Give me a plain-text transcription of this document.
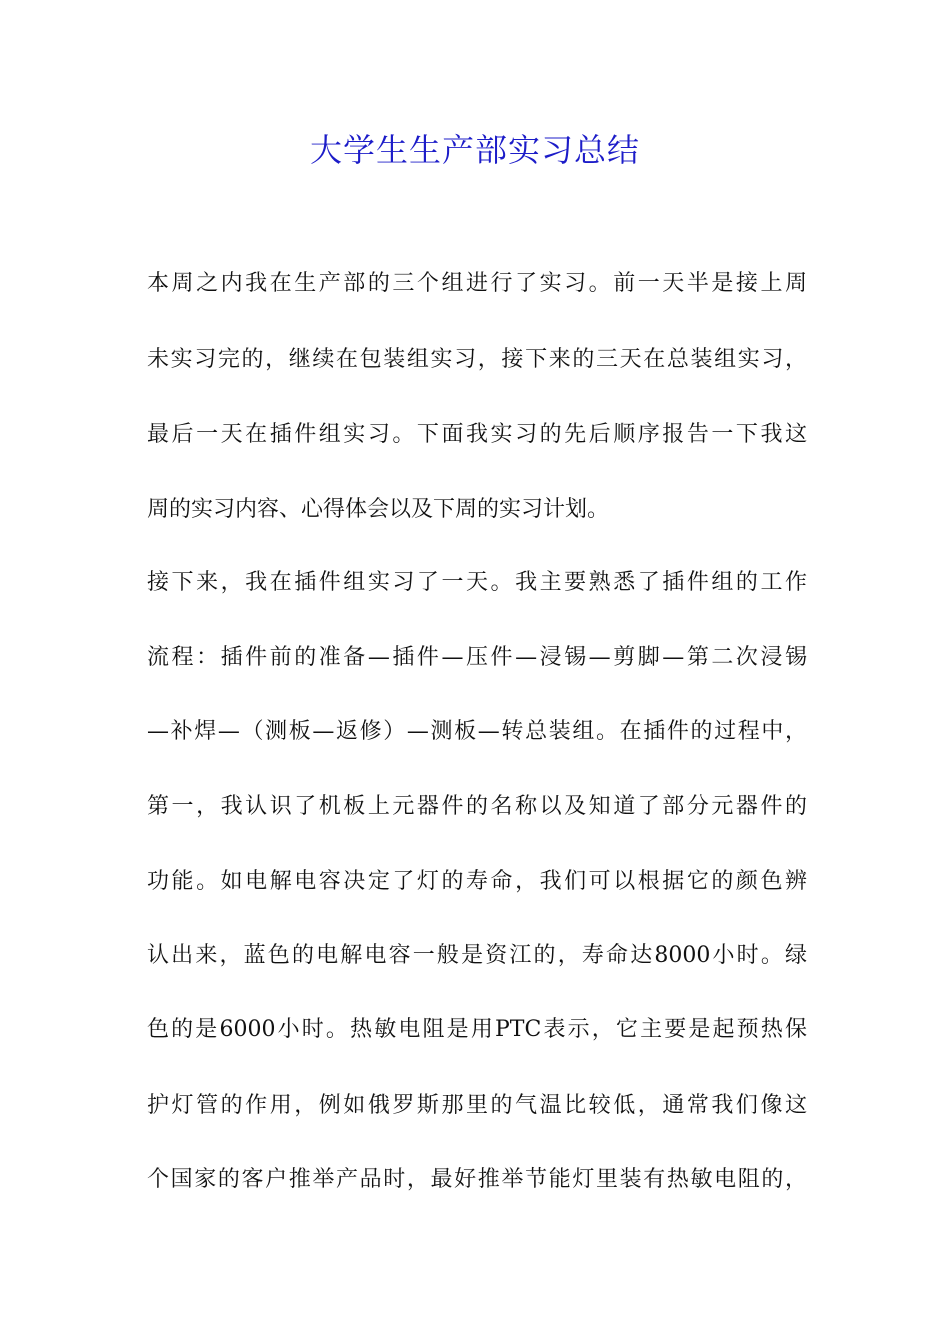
大学生生产部实习总结
本周之内我在生产部的三个组进行了实习。前一天半是接上周
未实习完的，继续在包装组实习，接下来的三天在总装组实习，
最后一天在插件组实习。下面我实习的先后顺序报告一下我这
周的实习内容、心得体会以及下周的实习计划。
接下来，我在插件组实习了一天。我主要熟悉了插件组的工作
流程：插件前的准备—插件—压件—浸锡—剪脚—第二次浸锡
—补焊—（测板—返修）—测板—转总装组。在插件的过程中，
第一，我认识了机板上元器件的名称以及知道了部分元器件的
功能。如电解电容决定了灯的寿命，我们可以根据它的颜色辨
认出来，蓝色的电解电容一般是资江的，寿命达8000小时。绿
色的是6000小时。热敏电阻是用PTC表示，它主要是起预热保
护灯管的作用，例如俄罗斯那里的气温比较低，通常我们像这
个国家的客户推举产品时，最好推举节能灯里装有热敏电阻的，
